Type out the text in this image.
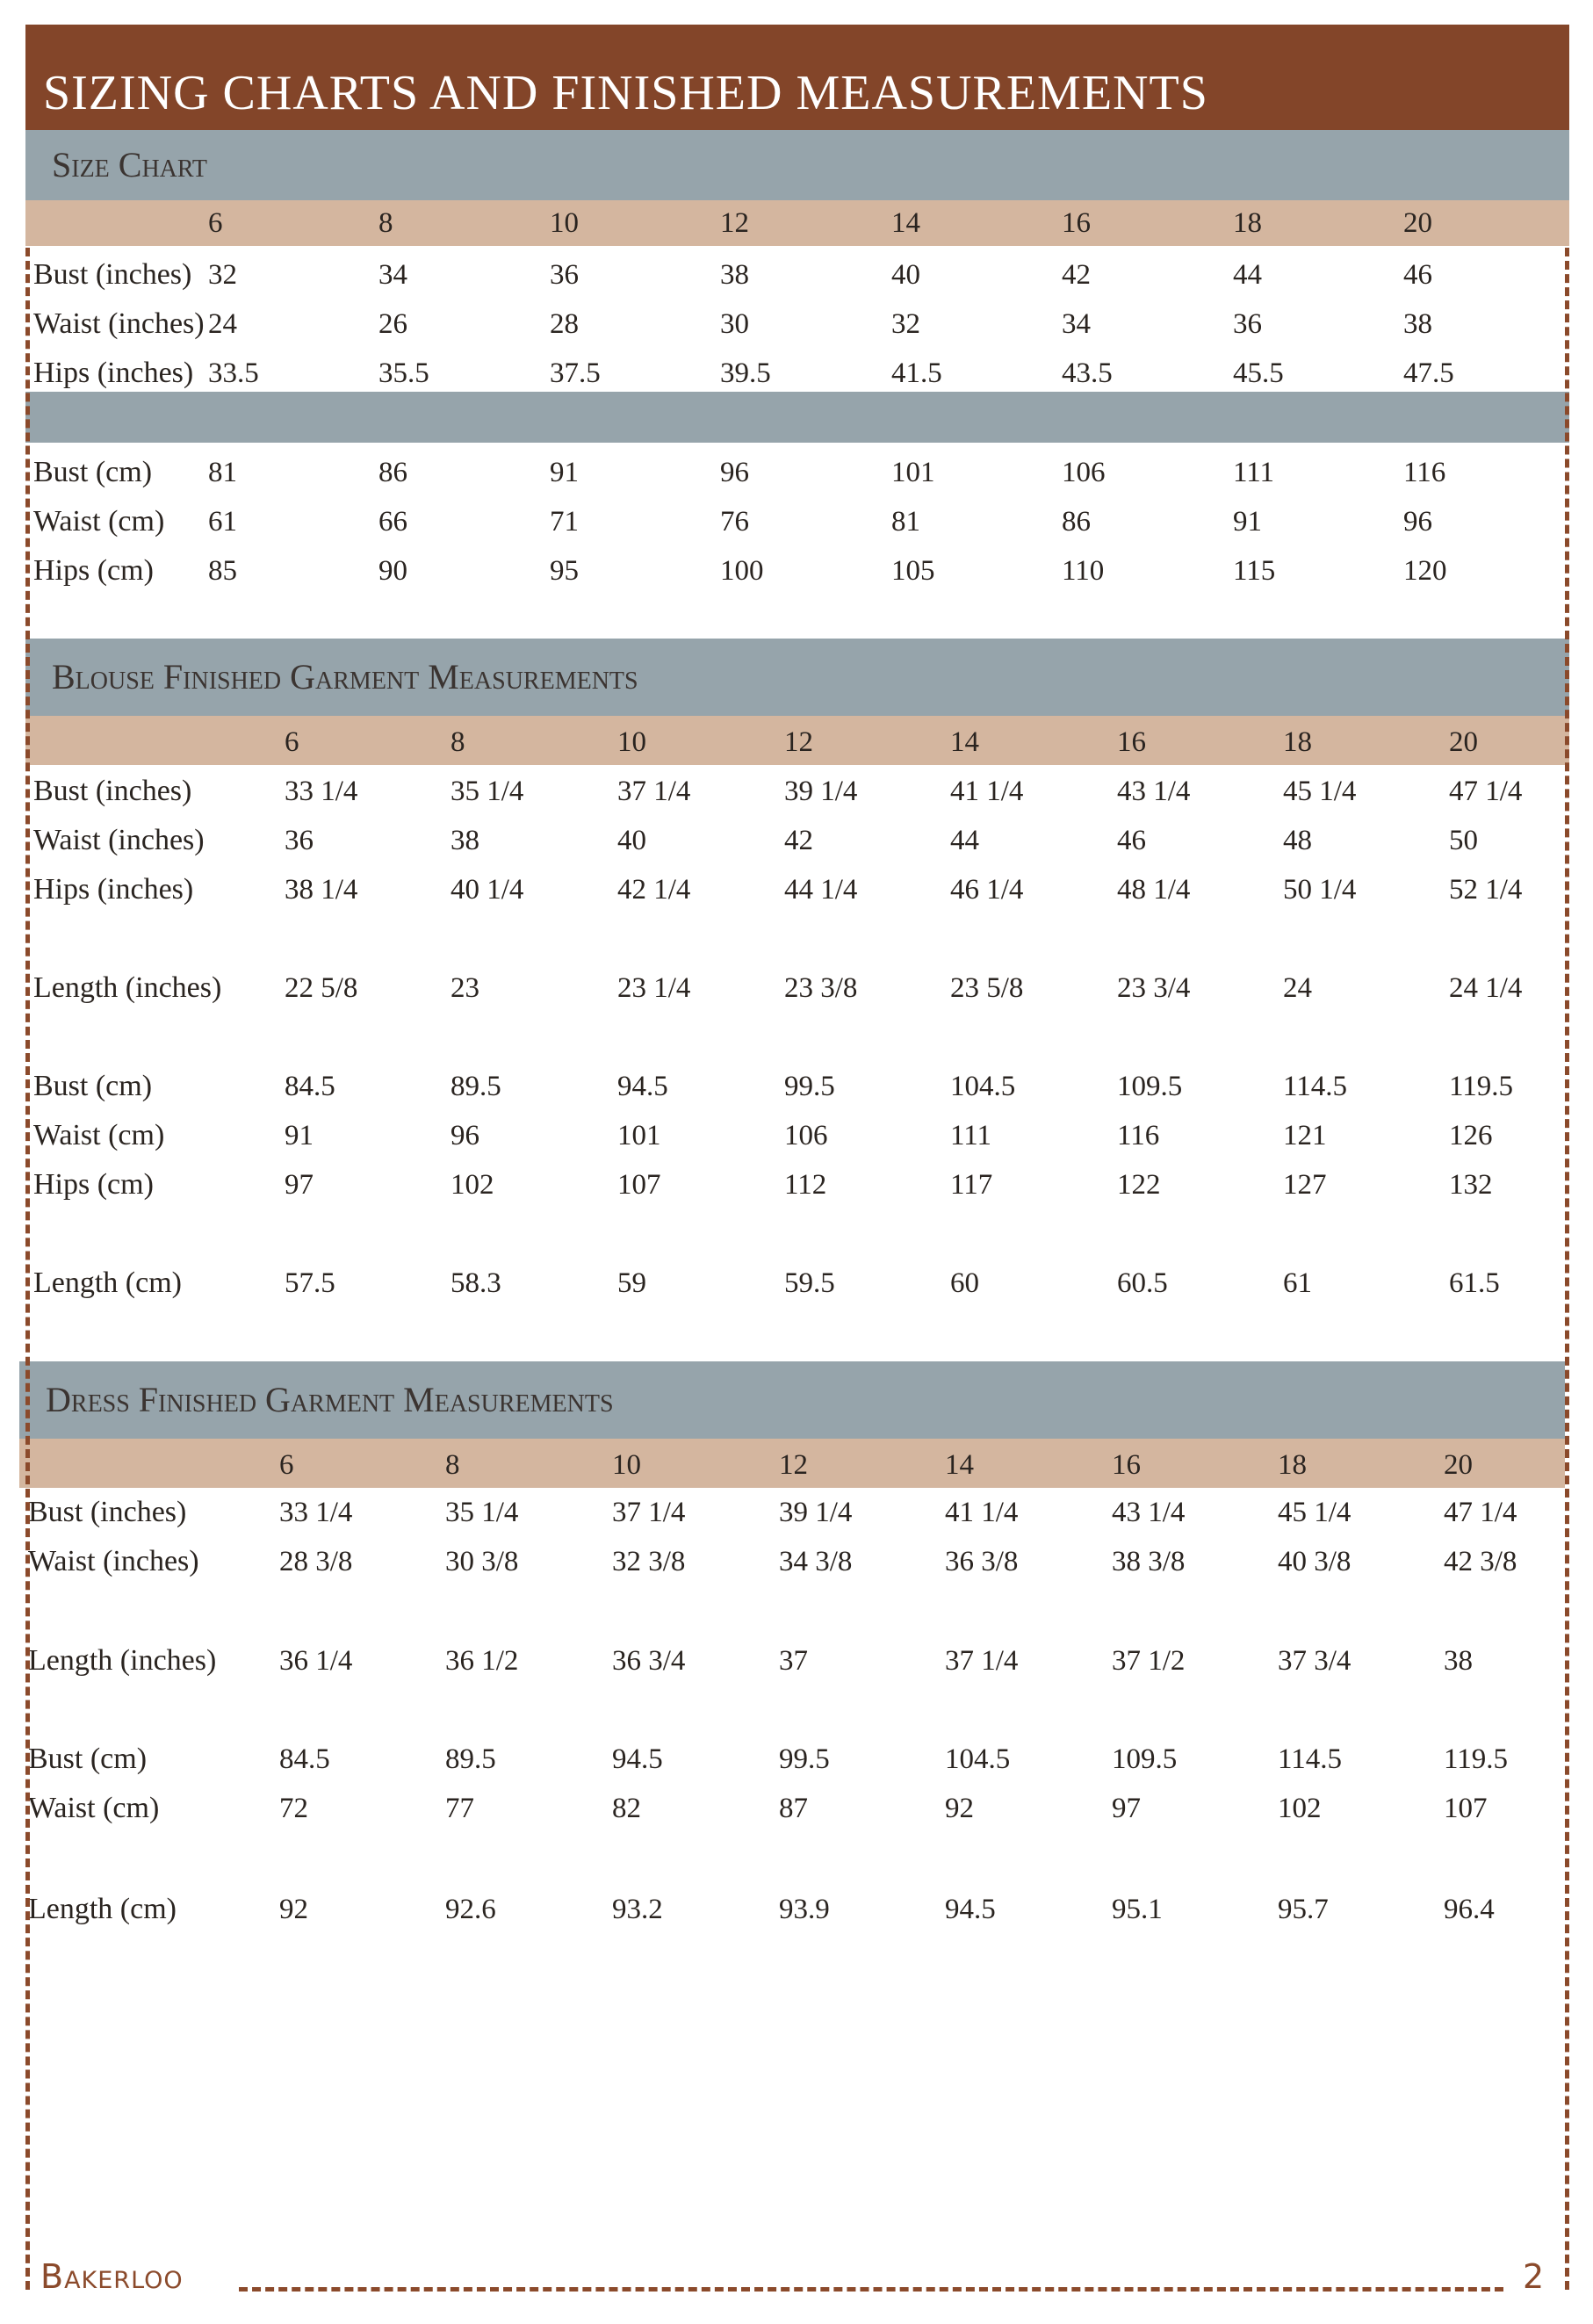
SIZING CHARTS AND FINISHED MEASUREMENTS
Size Chart
6	8	10	12	14	16	18	20
Bust (inches) 32	34	36	38	40	42	44	46
Waist (inches) 24	26	28	30	32	34	36	38
Hips (inches) 33.5	35.5	37.5	39.5	41.5	43.5	45.5	47.5
Bust (cm) 81	86	91	96	101	106	111	116
Waist (cm) 61	66	71	76	81	86	91	96
Hips (cm) 85	90	95	100	105	110	115	120
Blouse Finished Garment Measurements
6	8	10	12	14	16	18	20
Bust (inches)	33 1/4	35 1/4	37 1/4	39 1/4	41 1/4	43 1/4	45 1/4	47 1/4
Waist (inches)	36	38	40	42	44	46	48	50
Hips (inches)	38 1/4	40 1/4	42 1/4	44 1/4	46 1/4	48 1/4	50 1/4	52 1/4
Length (inches) 22 5/8	23	23 1/4	23 3/8	23 5/8	23 3/4	24	24 1/4
Bust (cm)	84.5	89.5	94.5	99.5	104.5	109.5	114.5	119.5
Waist (cm)	91	96	101	106	111	116	121	126
Hips (cm)	97	102	107	112	117	122	127	132
Length (cm)	57.5	58.3	59	59.5	60	60.5	61	61.5
Dress Finished Garment Measurements
6	8	10	12	14	16	18	20
Bust (inches)	33 1/4	35 1/4	37 1/4	39 1/4	41 1/4	43 1/4	45 1/4	47 1/4
Waist (inches)	28 3/8	30 3/8	32 3/8	34 3/8	36 3/8	38 3/8	40 3/8	42 3/8
Length (inches) 36 1/4	36 1/2	36 3/4	37	37 1/4	37 1/2	37 3/4	38
Bust (cm)	84.5	89.5	94.5	99.5	104.5	109.5	114.5	119.5
Waist (cm)	72	77	82	87	92	97	102	107
Length (cm)	92	92.6	93.2	93.9	94.5	95.1	95.7	96.4
Bakerloo	2
